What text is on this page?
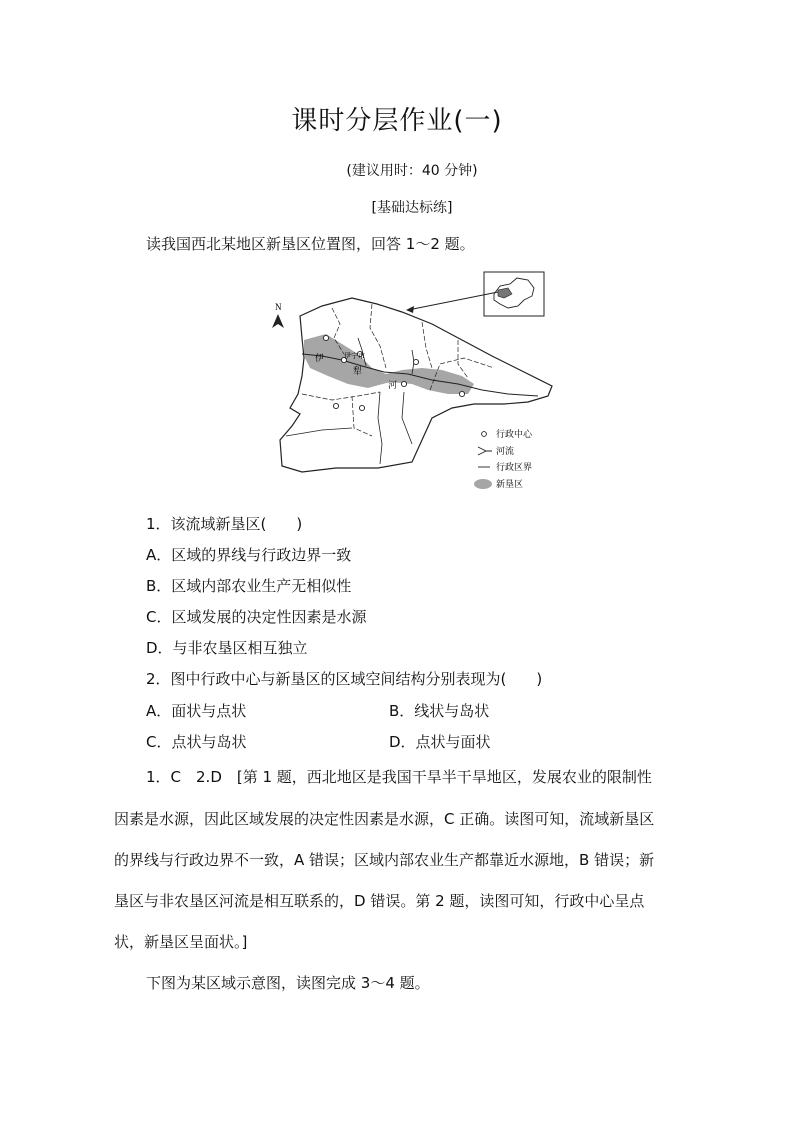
课时分层作业(一)
(建议用时：40 分钟)
[基础达标练]
读我国西北某地区新垦区位置图，回答 1～2 题。
N
伊
犁
河
伊宁市
行政中心
河流
行政区界
新垦区
1．该流域新垦区(　　)
A．区域的界线与行政边界一致
B．区域内部农业生产无相似性
C．区域发展的决定性因素是水源
D．与非农垦区相互独立
2．图中行政中心与新垦区的区域空间结构分别表现为(　　)
A．面状与点状	B．线状与岛状
C．点状与岛状	D．点状与面状
1．C　2.D　[第 1 题，西北地区是我国干旱半干旱地区，发展农业的限制性
因素是水源，因此区域发展的决定性因素是水源，C 正确。读图可知，流域新垦区
的界线与行政边界不一致，A 错误；区域内部农业生产都靠近水源地，B 错误；新
垦区与非农垦区河流是相互联系的，D 错误。第 2 题，读图可知，行政中心呈点
状，新垦区呈面状。]
下图为某区域示意图，读图完成 3～4 题。
